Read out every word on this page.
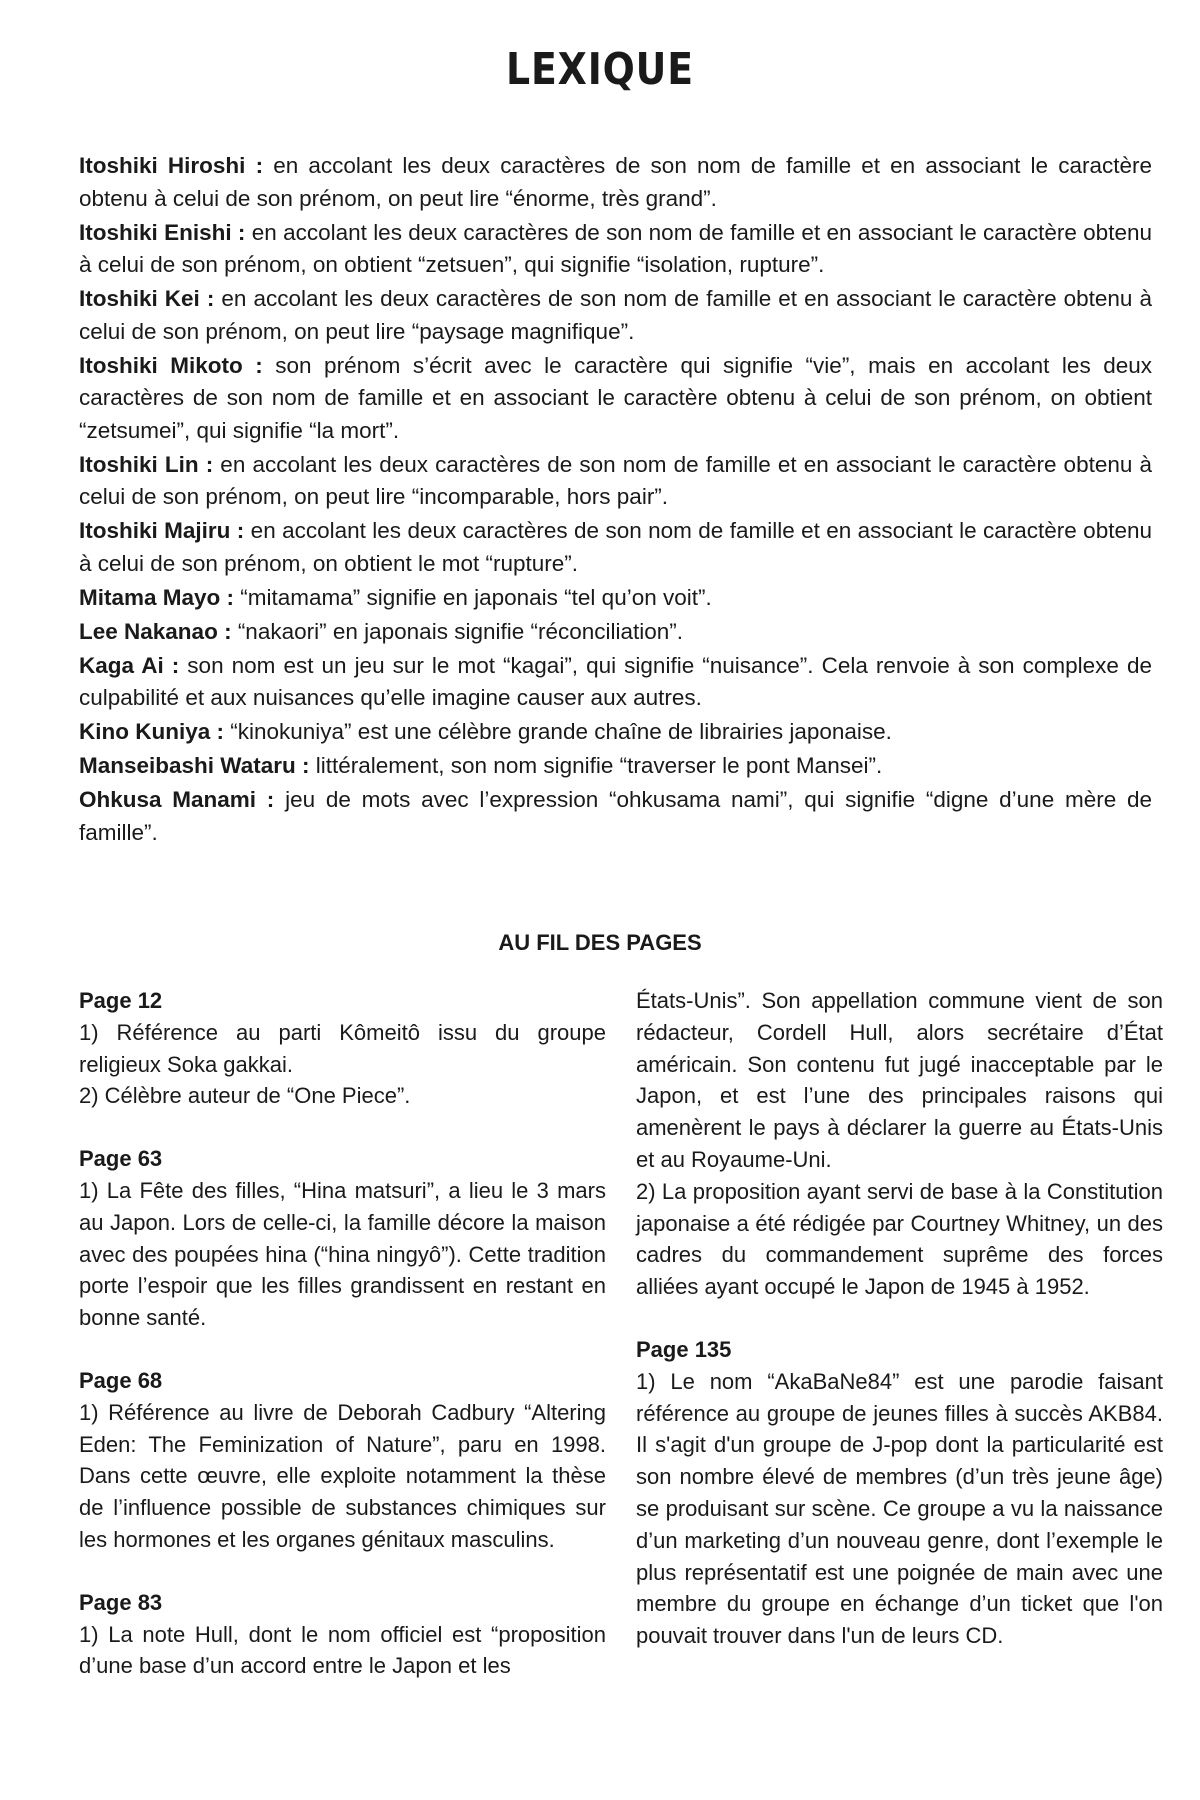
LEXIQUE

Itoshiki Hiroshi : en accolant les deux caractères de son nom de famille et en associant le caractère obtenu à celui de son prénom, on peut lire “énorme, très grand”.

Itoshiki Enishi : en accolant les deux caractères de son nom de famille et en associant le caractère obtenu à celui de son prénom, on obtient “zetsuen”, qui signifie “isolation, rupture”.

Itoshiki Kei : en accolant les deux caractères de son nom de famille et en associant le caractère obtenu à celui de son prénom, on peut lire “paysage magnifique”.

Itoshiki Mikoto : son prénom s’écrit avec le caractère qui signifie “vie”, mais en accolant les deux caractères de son nom de famille et en associant le caractère obtenu à celui de son prénom, on obtient “zetsumei”, qui signifie “la mort”.

Itoshiki Lin : en accolant les deux caractères de son nom de famille et en associant le caractère obtenu à celui de son prénom, on peut lire “incomparable, hors pair”.

Itoshiki Majiru : en accolant les deux caractères de son nom de famille et en associant le caractère obtenu à celui de son prénom, on obtient le mot “rupture”.

Mitama Mayo : “mitamama” signifie en japonais “tel qu’on voit”.

Lee Nakanao : “nakaori” en japonais signifie “réconciliation”.

Kaga Ai : son nom est un jeu sur le mot “kagai”, qui signifie “nuisance”. Cela renvoie à son complexe de culpabilité et aux nuisances qu’elle imagine causer aux autres.

Kino Kuniya : “kinokuniya” est une célèbre grande chaîne de librairies japonaise.

Manseibashi Wataru : littéralement, son nom signifie “traverser le pont Mansei”.

Ohkusa Manami : jeu de mots avec l’expression “ohkusama nami”, qui signifie “digne d’une mère de famille”.

AU FIL DES PAGES
Page 12

1) Référence au parti Kômeitô issu du groupe religieux Soka gakkai.

2) Célèbre auteur de “One Piece”.

Page 63

1) La Fête des filles, “Hina matsuri”, a lieu le 3 mars au Japon. Lors de celle-ci, la famille décore la maison avec des poupées hina (“hina ningyô”). Cette tradition porte l’espoir que les filles grandissent en restant en bonne santé.

Page 68

1) Référence au livre de Deborah Cadbury “Altering Eden: The Feminization of Nature”, paru en 1998. Dans cette œuvre, elle exploite notamment la thèse de l’influence possible de substances chimiques sur les hormones et les organes génitaux masculins.

Page 83

1) La note Hull, dont le nom officiel est “proposition d’une base d’un accord entre le Japon et les

États-Unis”. Son appellation commune vient de son rédacteur, Cordell Hull, alors secrétaire d’État américain. Son contenu fut jugé inacceptable par le Japon, et est l’une des principales raisons qui amenèrent le pays à déclarer la guerre au États-Unis et au Royaume-Uni.

2) La proposition ayant servi de base à la Constitution japonaise a été rédigée par Courtney Whitney, un des cadres du commandement suprême des forces alliées ayant occupé le Japon de 1945 à 1952.

Page 135

1) Le nom “AkaBaNe84” est une parodie faisant référence au groupe de jeunes filles à succès AKB84. Il s'agit d'un groupe de J-pop dont la particularité est son nombre élevé de membres (d’un très jeune âge) se produisant sur scène. Ce groupe a vu la naissance d’un marketing d’un nouveau genre, dont l’exemple le plus représentatif est une poignée de main avec une membre du groupe en échange d’un ticket que l'on pouvait trouver dans l'un de leurs CD.
